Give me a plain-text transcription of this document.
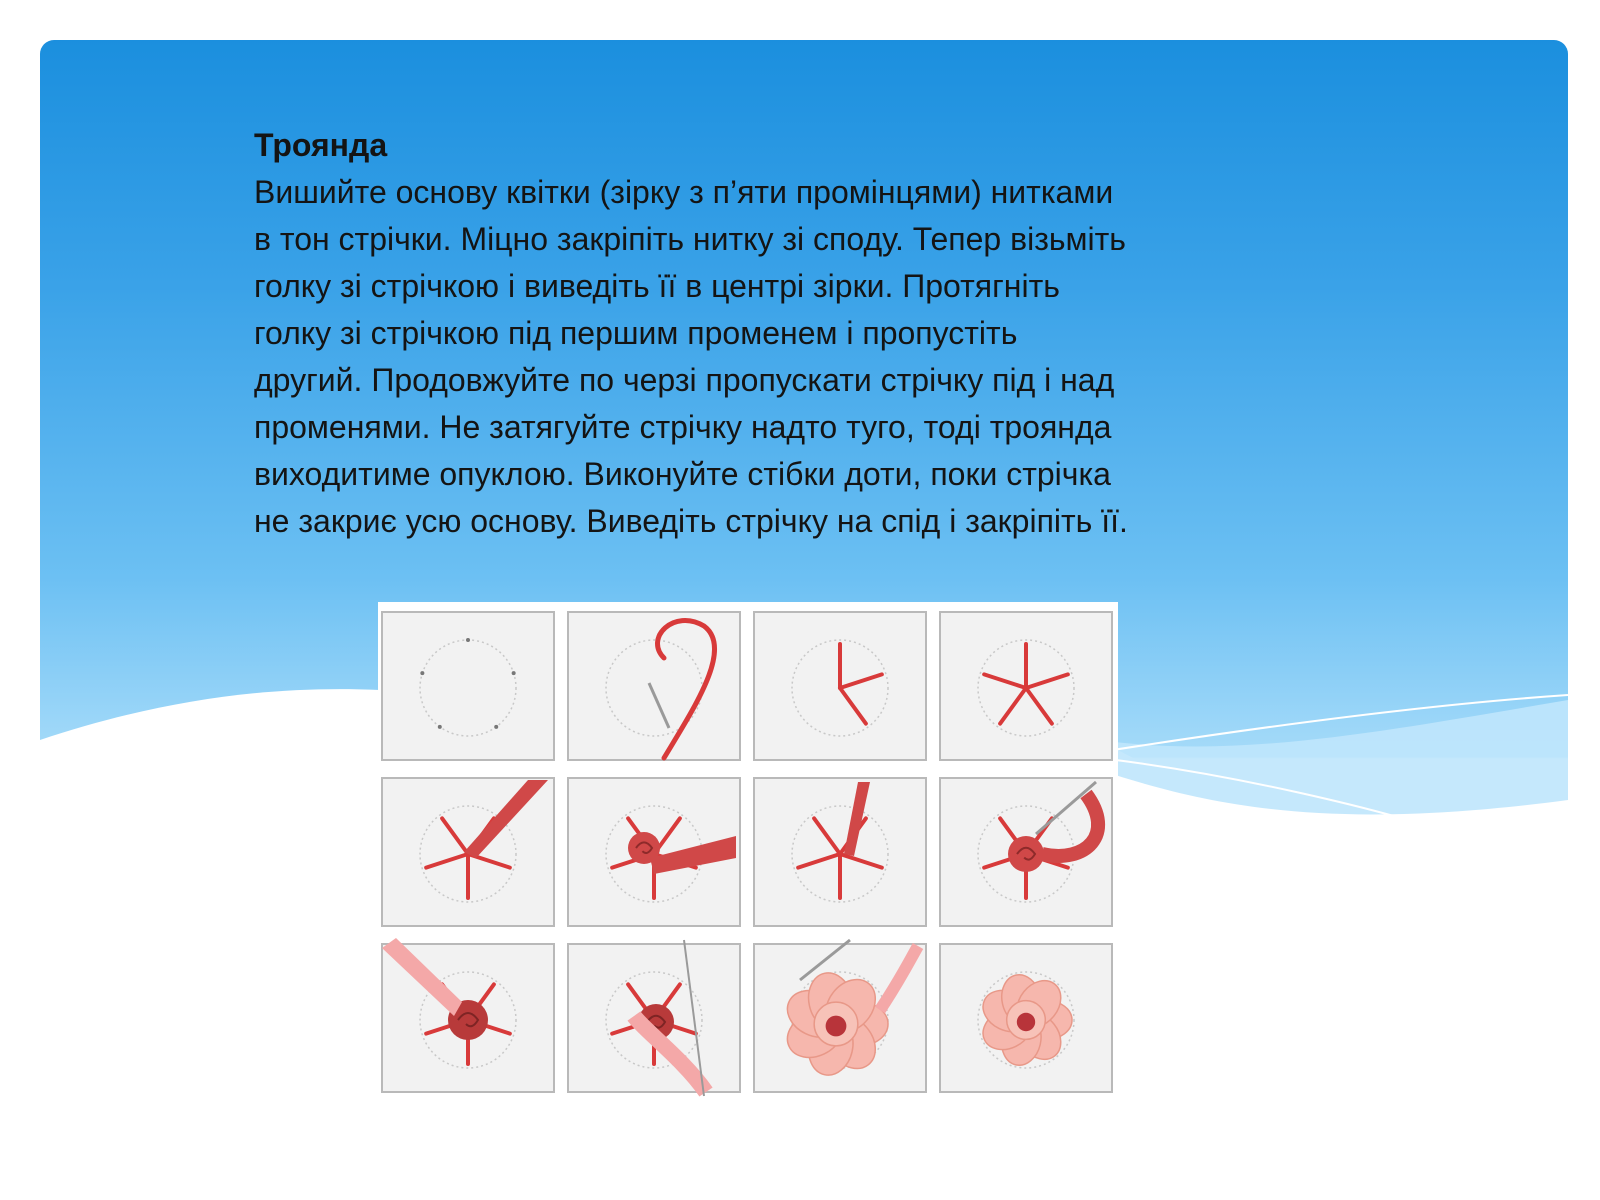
Троянда
Вишийте основу квітки (зірку з п’яти промінцями) нитками
в тон стрічки. Міцно закріпіть нитку зі споду. Тепер візьміть
голку зі стрічкою і виведіть її в центрі зірки. Протягніть
голку зі стрічкою під першим променем і пропустіть
другий. Продовжуйте по черзі пропускати стрічку під і над
променями. Не затягуйте стрічку надто туго, тоді троянда
виходитиме опуклою. Виконуйте стібки доти, поки стрічка
не закриє усю основу. Виведіть стрічку на спід і закріпіть її.
